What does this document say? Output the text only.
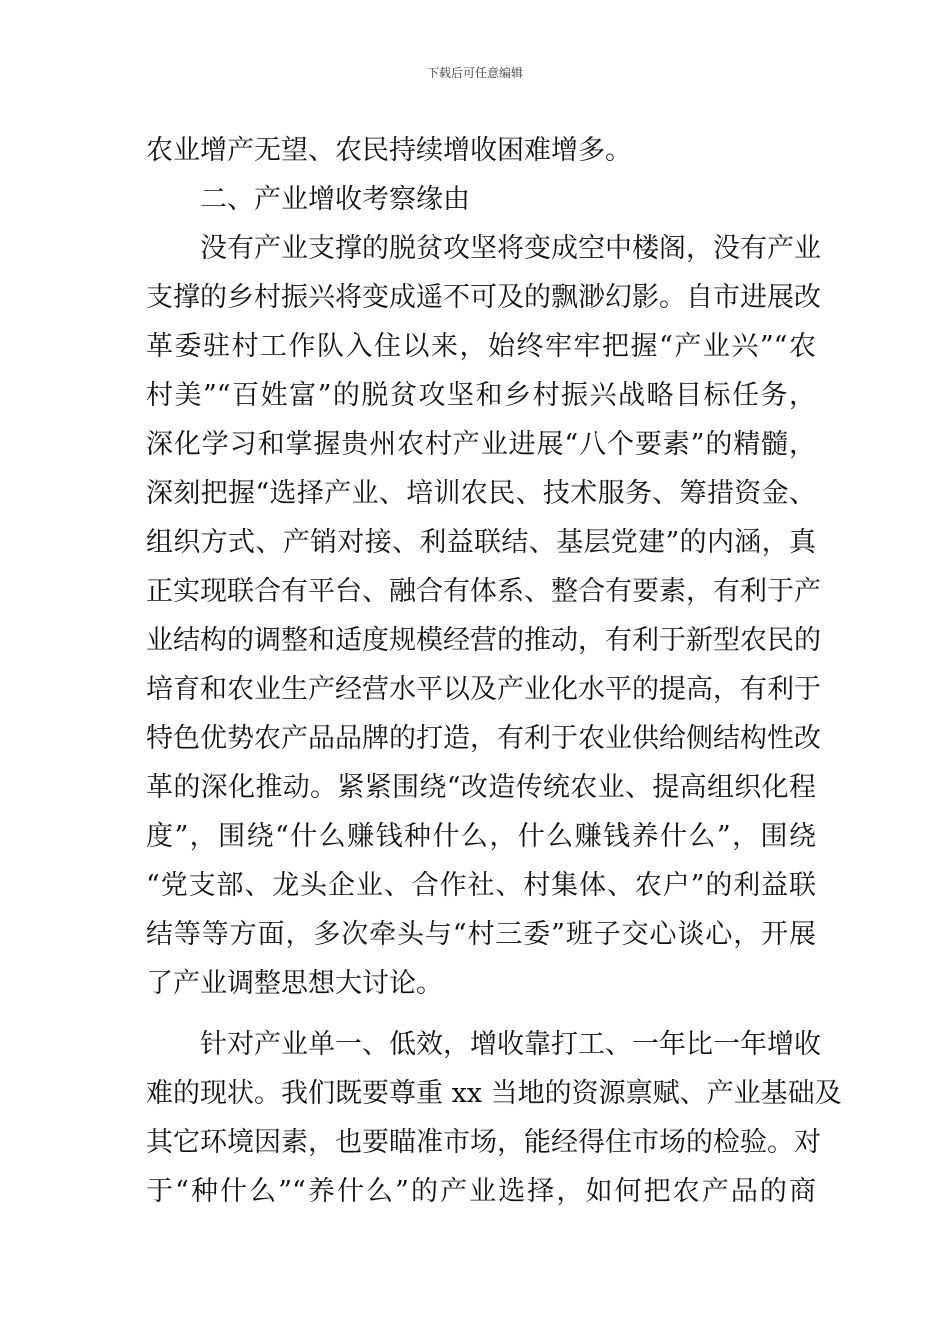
下载后可任意编辑
农业增产无望、农民持续增收困难增多。
　　二、产业增收考察缘由
　　没有产业支撑的脱贫攻坚将变成空中楼阁，没有产业
支撑的乡村振兴将变成遥不可及的飘渺幻影。自市进展改
革委驻村工作队入住以来，始终牢牢把握“产业兴”“农
村美”“百姓富”的脱贫攻坚和乡村振兴战略目标任务，
深化学习和掌握贵州农村产业进展“八个要素”的精髓，
深刻把握“选择产业、培训农民、技术服务、筹措资金、
组织方式、产销对接、利益联结、基层党建”的内涵，真
正实现联合有平台、融合有体系、整合有要素，有利于产
业结构的调整和适度规模经营的推动，有利于新型农民的
培育和农业生产经营水平以及产业化水平的提高，有利于
特色优势农产品品牌的打造，有利于农业供给侧结构性改
革的深化推动。紧紧围绕“改造传统农业、提高组织化程
度”，围绕“什么赚钱种什么，什么赚钱养什么”，围绕
“党支部、龙头企业、合作社、村集体、农户”的利益联
结等等方面，多次牵头与“村三委”班子交心谈心，开展
了产业调整思想大讨论。
　　针对产业单一、低效，增收靠打工、一年比一年增收
难的现状。我们既要尊重 xx 当地的资源禀赋、产业基础及
其它环境因素，也要瞄准市场，能经得住市场的检验。对
于“种什么”“养什么”的产业选择，如何把农产品的商
